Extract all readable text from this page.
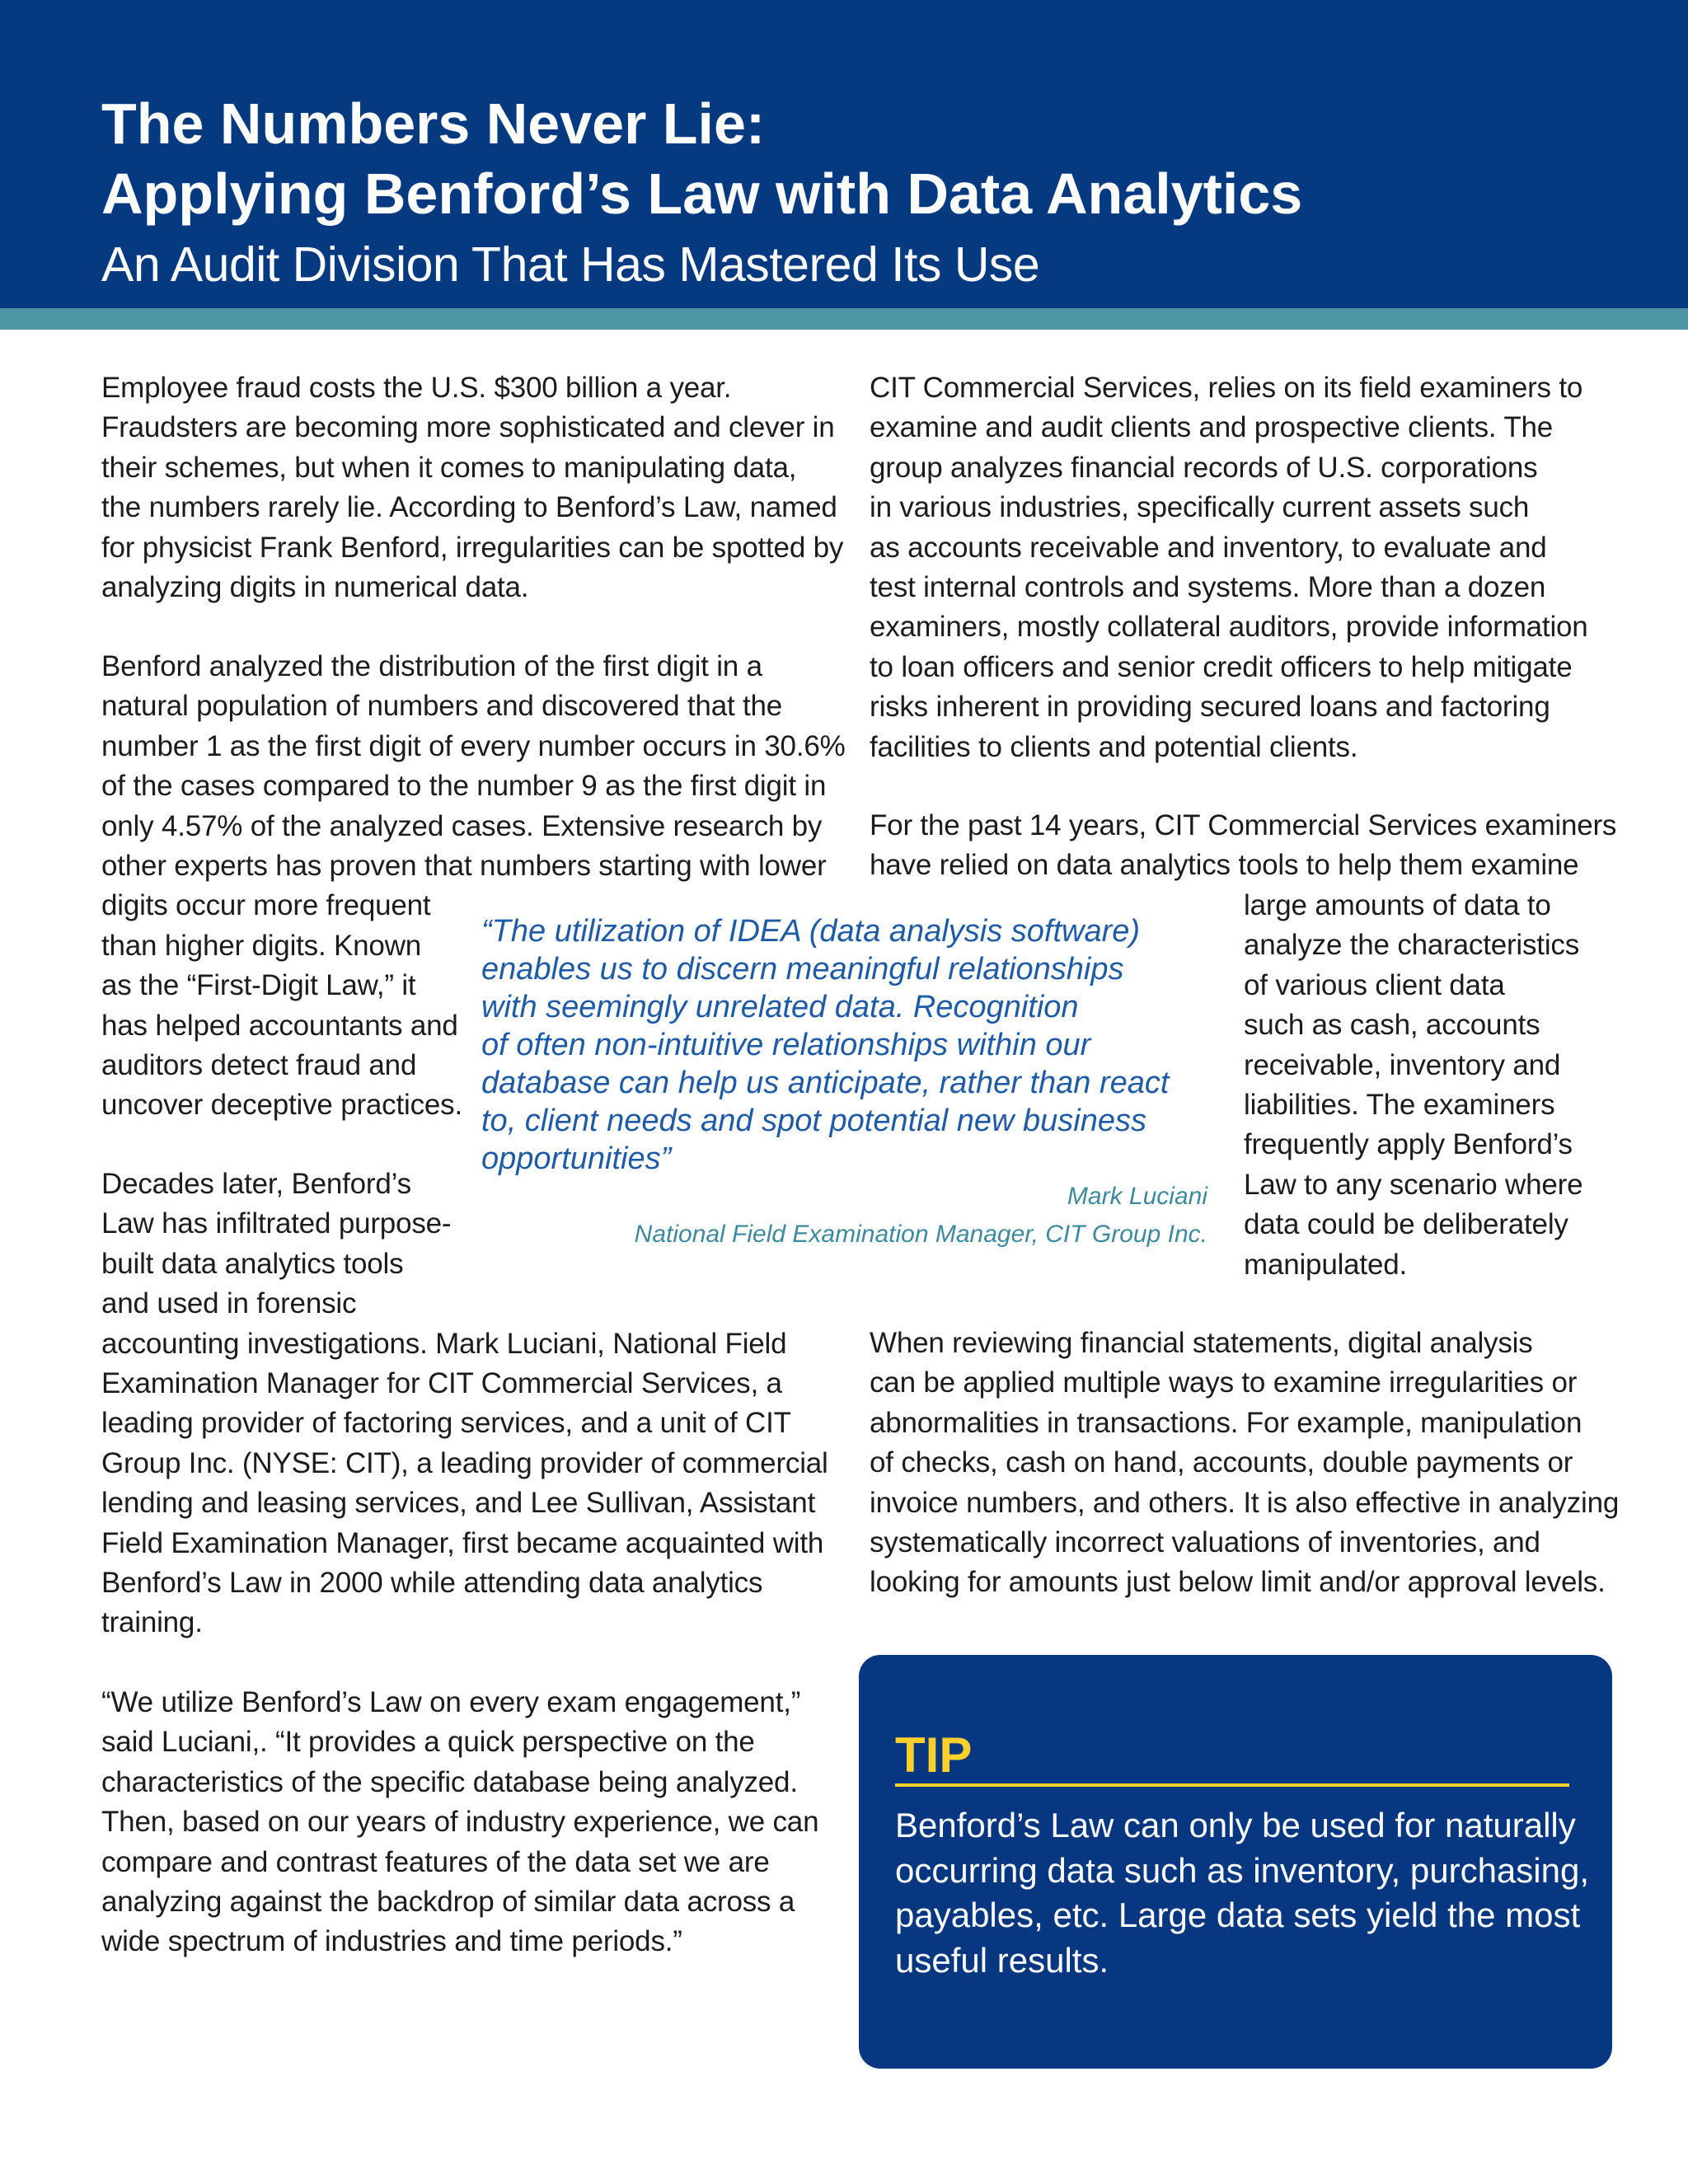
The Numbers Never Lie:
Applying Benford’s Law with Data Analytics
An Audit Division That Has Mastered Its Use

Employee fraud costs the U.S. $300 billion a year.
Fraudsters are becoming more sophisticated and clever in
their schemes, but when it comes to manipulating data,
the numbers rarely lie. According to Benford’s Law, named
for physicist Frank Benford, irregularities can be spotted by
analyzing digits in numerical data.

Benford analyzed the distribution of the first digit in a
natural population of numbers and discovered that the
number 1 as the first digit of every number occurs in 30.6%
of the cases compared to the number 9 as the first digit in
only 4.57% of the analyzed cases. Extensive research by
other experts has proven that numbers starting with lower
digits occur more frequent
than higher digits. Known
as the “First-Digit Law,” it
has helped accountants and
auditors detect fraud and
uncover deceptive practices.

Decades later, Benford’s
Law has infiltrated purpose-
built data analytics tools
and used in forensic
accounting investigations. Mark Luciani, National Field
Examination Manager for CIT Commercial Services, a
leading provider of factoring services, and a unit of CIT
Group Inc. (NYSE: CIT), a leading provider of commercial
lending and leasing services, and Lee Sullivan, Assistant
Field Examination Manager, first became acquainted with
Benford’s Law in 2000 while attending data analytics
training.

“We utilize Benford’s Law on every exam engagement,”
said Luciani,. “It provides a quick perspective on the
characteristics of the specific database being analyzed.
Then, based on our years of industry experience, we can
compare and contrast features of the data set we are
analyzing against the backdrop of similar data across a
wide spectrum of industries and time periods.”

CIT Commercial Services, relies on its field examiners to
examine and audit clients and prospective clients. The
group analyzes financial records of U.S. corporations
in various industries, specifically current assets such
as accounts receivable and inventory, to evaluate and
test internal controls and systems. More than a dozen
examiners, mostly collateral auditors, provide information
to loan officers and senior credit officers to help mitigate
risks inherent in providing secured loans and factoring
facilities to clients and potential clients.

For the past 14 years, CIT Commercial Services examiners
have relied on data analytics tools to help them examine

large amounts of data to
analyze the characteristics
of various client data
such as cash, accounts
receivable, inventory and
liabilities. The examiners
frequently apply Benford’s
Law to any scenario where
data could be deliberately
manipulated.

When reviewing financial statements, digital analysis
can be applied multiple ways to examine irregularities or
abnormalities in transactions. For example, manipulation
of checks, cash on hand, accounts, double payments or
invoice numbers, and others. It is also effective in analyzing
systematically incorrect valuations of inventories, and
looking for amounts just below limit and/or approval levels.

“The utilization of IDEA (data analysis software)
enables us to discern meaningful relationships
with seemingly unrelated data. Recognition
of often non-intuitive relationships within our
database can help us anticipate, rather than react
to, client needs and spot potential new business
opportunities”

Mark Luciani

National Field Examination Manager, CIT Group Inc.

TIP

Benford’s Law can only be used for naturally
occurring data such as inventory, purchasing,
payables, etc. Large data sets yield the most
useful results.
